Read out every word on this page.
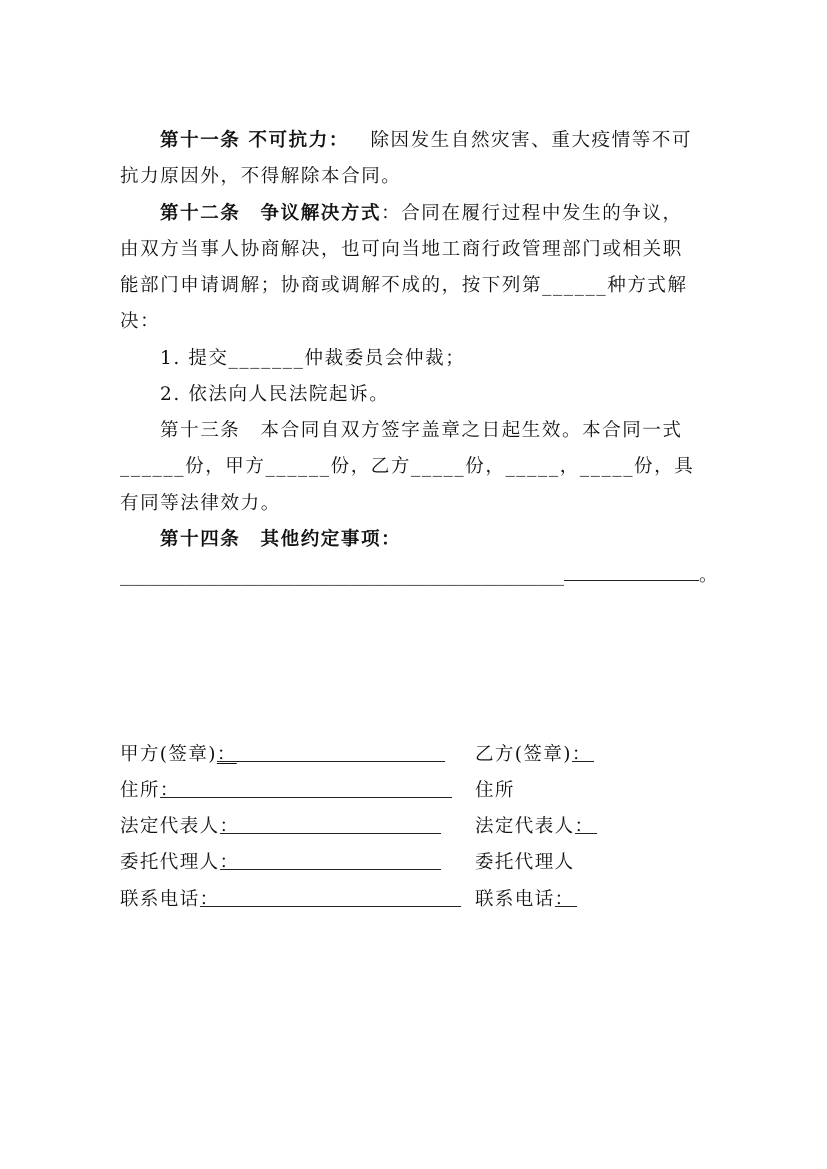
第十一条 不可抗力： 除因发生自然灾害、重大疫情等不可
抗力原因外，不得解除本合同。
第十二条　争议解决方式：合同在履行过程中发生的争议，
由双方当事人协商解决，也可向当地工商行政管理部门或相关职
能部门申请调解；协商或调解不成的，按下列第______种方式解
决：
1. 提交_______仲裁委员会仲裁；
2. 依法向人民法院起诉。
第十三条　本合同自双方签字盖章之日起生效。本合同一式
______份，甲方______份，乙方_____份，_____，_____份，具
有同等法律效力。
第十四条　其他约定事项：
________________________________________________	。
甲方(签章)：
住所：
法定代表人：
委托代理人：
联系电话：
乙方(签章)：
住所
法定代表人：
委托代理人
联系电话：
